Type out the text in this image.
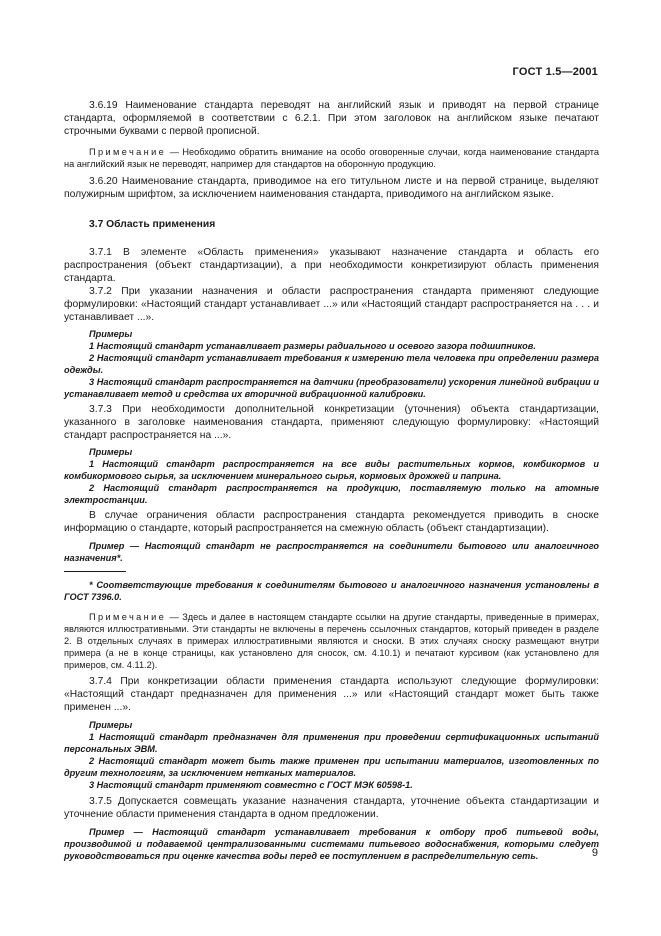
ГОСТ 1.5—2001

3.6.19 Наименование стандарта переводят на английский язык и приводят на первой странице стандарта, оформляемой в соответствии с 6.2.1. При этом заголовок на английском языке печатают строчными буквами с первой прописной.

Примечание — Необходимо обратить внимание на особо оговоренные случаи, когда наименование стандарта на английский язык не переводят, например для стандартов на оборонную продукцию.

3.6.20 Наименование стандарта, приводимое на его титульном листе и на первой странице, выделяют полужирным шрифтом, за исключением наименования стандарта, приводимого на английском языке.

3.7 Область применения

3.7.1 В элементе «Область применения» указывают назначение стандарта и область его распространения (объект стандартизации), а при необходимости конкретизируют область применения стандарта.

3.7.2 При указании назначения и области распространения стандарта применяют следующие формулировки: «Настоящий стандарт устанавливает ...» или «Настоящий стандарт распространяется на . . . и устанавливает ...».

Примеры

1 Настоящий стандарт устанавливает размеры радиального и осевого зазора подшипников.

2 Настоящий стандарт устанавливает требования к измерению тела человека при определении размера одежды.

3 Настоящий стандарт распространяется на датчики (преобразователи) ускорения линейной вибрации и устанавливает метод и средства их вторичной вибрационной калибровки.

3.7.3 При необходимости дополнительной конкретизации (уточнения) объекта стандартизации, указанного в заголовке наименования стандарта, применяют следующую формулировку: «Настоящий стандарт распространяется на ...».

Примеры

1 Настоящий стандарт распространяется на все виды растительных кормов, комбикормов и комбикормового сырья, за исключением минерального сырья, кормовых дрожжей и паприна.

2 Настоящий стандарт распространяется на продукцию, поставляемую только на атомные электростанции.

В случае ограничения области распространения стандарта рекомендуется приводить в сноске информацию о стандарте, который распространяется на смежную область (объект стандартизации).

Пример — Настоящий стандарт не распространяется на соединители бытового или аналогичного назначения*.

* Соответствующие требования к соединителям бытового и аналогичного назначения установлены в ГОСТ 7396.0.

Примечание — Здесь и далее в настоящем стандарте ссылки на другие стандарты, приведенные в примерах, являются иллюстративными. Эти стандарты не включены в перечень ссылочных стандартов, который приведен в разделе 2. В отдельных случаях в примерах иллюстративными являются и сноски. В этих случаях сноску размещают внутри примера (а не в конце страницы, как установлено для сносок, см. 4.10.1) и печатают курсивом (как установлено для примеров, см. 4.11.2).

3.7.4 При конкретизации области применения стандарта используют следующие формулировки: «Настоящий стандарт предназначен для применения ...» или «Настоящий стандарт может быть также применен ...».

Примеры

1 Настоящий стандарт предназначен для применения при проведении сертификационных испытаний персональных ЭВМ.

2 Настоящий стандарт может быть также применен при испытании материалов, изготовленных по другим технологиям, за исключением нетканых материалов.

3 Настоящий стандарт применяют совместно с ГОСТ МЭК 60598-1.

3.7.5 Допускается совмещать указание назначения стандарта, уточнение объекта стандартизации и уточнение области применения стандарта в одном предложении.

Пример — Настоящий стандарт устанавливает требования к отбору проб питьевой воды, производимой и подаваемой централизованными системами питьевого водоснабжения, которыми следует руководствоваться при оценке качества воды перед ее поступлением в распределительную сеть.	9
